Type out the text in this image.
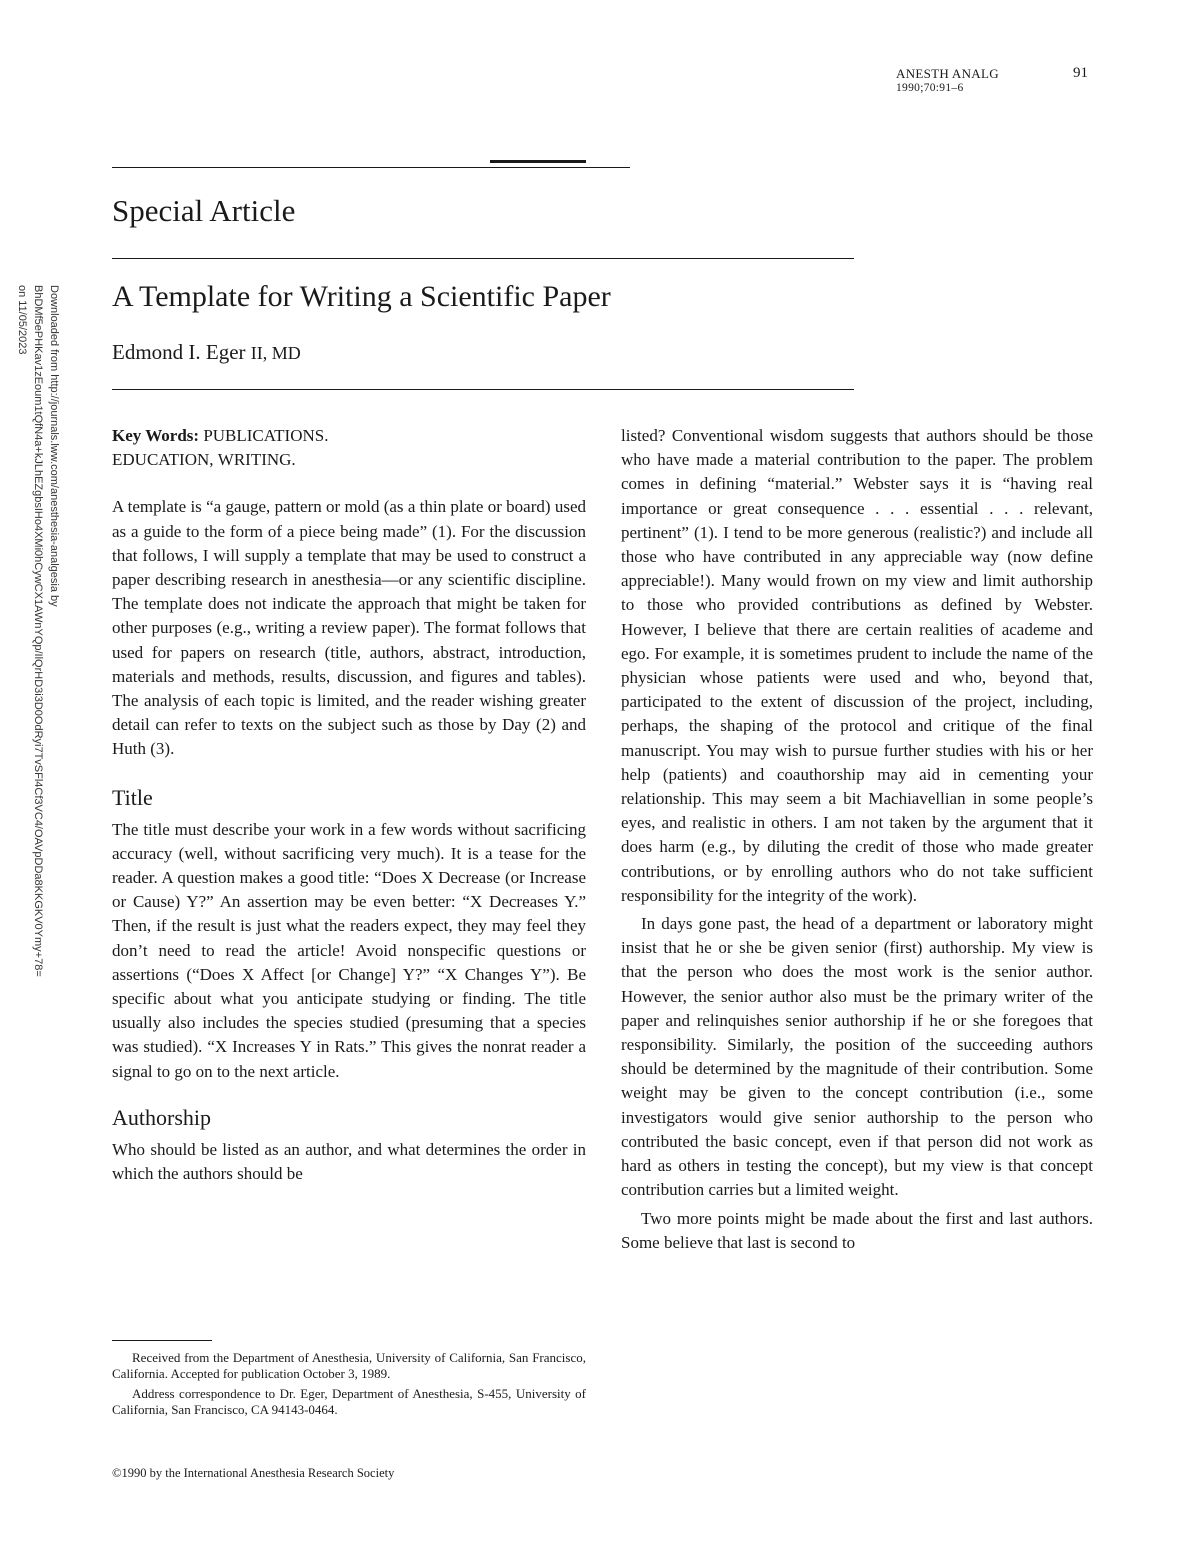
ANESTH ANALG
1990;70:91–6
91
Special Article
A Template for Writing a Scientific Paper
Edmond I. Eger II, MD
Downloaded from http://journals.lww.com/anesthesia-analgesia by BhDMf5ePHKav1zEoum1tQfN4a+kJLhEZgbsIHo4XMi0hCywCX1AWnYQp/IlQrHD3i3D0OdRyi7TvSFl4Cf3VC4/OAVpDDa8KKGKV0Ymy+78= on 11/05/2023
Key Words: PUBLICATIONS.
EDUCATION, WRITING.

A template is “a gauge, pattern or mold (as a thin plate or board) used as a guide to the form of a piece being made” (1). For the discussion that follows, I will supply a template that may be used to construct a paper describing research in anesthesia—or any scientific discipline. The template does not indicate the approach that might be taken for other purposes (e.g., writing a review paper). The format follows that used for papers on research (title, authors, abstract, introduction, materials and methods, results, discussion, and figures and tables). The analysis of each topic is limited, and the reader wishing greater detail can refer to texts on the subject such as those by Day (2) and Huth (3).

Title

The title must describe your work in a few words without sacrificing accuracy (well, without sacrificing very much). It is a tease for the reader. A question makes a good title: “Does X Decrease (or Increase or Cause) Y?” An assertion may be even better: “X Decreases Y.” Then, if the result is just what the readers expect, they may feel they don’t need to read the article! Avoid nonspecific questions or assertions (“Does X Affect [or Change] Y?” “X Changes Y”). Be specific about what you anticipate studying or finding. The title usually also includes the species studied (presuming that a species was studied). “X Increases Y in Rats.” This gives the nonrat reader a signal to go on to the next article.

Authorship

Who should be listed as an author, and what determines the order in which the authors should be

listed? Conventional wisdom suggests that authors should be those who have made a material contribution to the paper. The problem comes in defining “material.” Webster says it is “having real importance or great consequence . . . essential . . . relevant, pertinent” (1). I tend to be more generous (realistic?) and include all those who have contributed in any appreciable way (now define appreciable!). Many would frown on my view and limit authorship to those who provided contributions as defined by Webster. However, I believe that there are certain realities of academe and ego. For example, it is sometimes prudent to include the name of the physician whose patients were used and who, beyond that, participated to the extent of discussion of the project, including, perhaps, the shaping of the protocol and critique of the final manuscript. You may wish to pursue further studies with his or her help (patients) and coauthorship may aid in cementing your relationship. This may seem a bit Machiavellian in some people’s eyes, and realistic in others. I am not taken by the argument that it does harm (e.g., by diluting the credit of those who made greater contributions, or by enrolling authors who do not take sufficient responsibility for the integrity of the work).

In days gone past, the head of a department or laboratory might insist that he or she be given senior (first) authorship. My view is that the person who does the most work is the senior author. However, the senior author also must be the primary writer of the paper and relinquishes senior authorship if he or she foregoes that responsibility. Similarly, the position of the succeeding authors should be determined by the magnitude of their contribution. Some weight may be given to the concept contribution (i.e., some investigators would give senior authorship to the person who contributed the basic concept, even if that person did not work as hard as others in testing the concept), but my view is that concept contribution carries but a limited weight.

Two more points might be made about the first and last authors. Some believe that last is second to

Received from the Department of Anesthesia, University of California, San Francisco, California. Accepted for publication October 3, 1989.

Address correspondence to Dr. Eger, Department of Anesthesia, S-455, University of California, San Francisco, CA 94143-0464.

©1990 by the International Anesthesia Research Society
